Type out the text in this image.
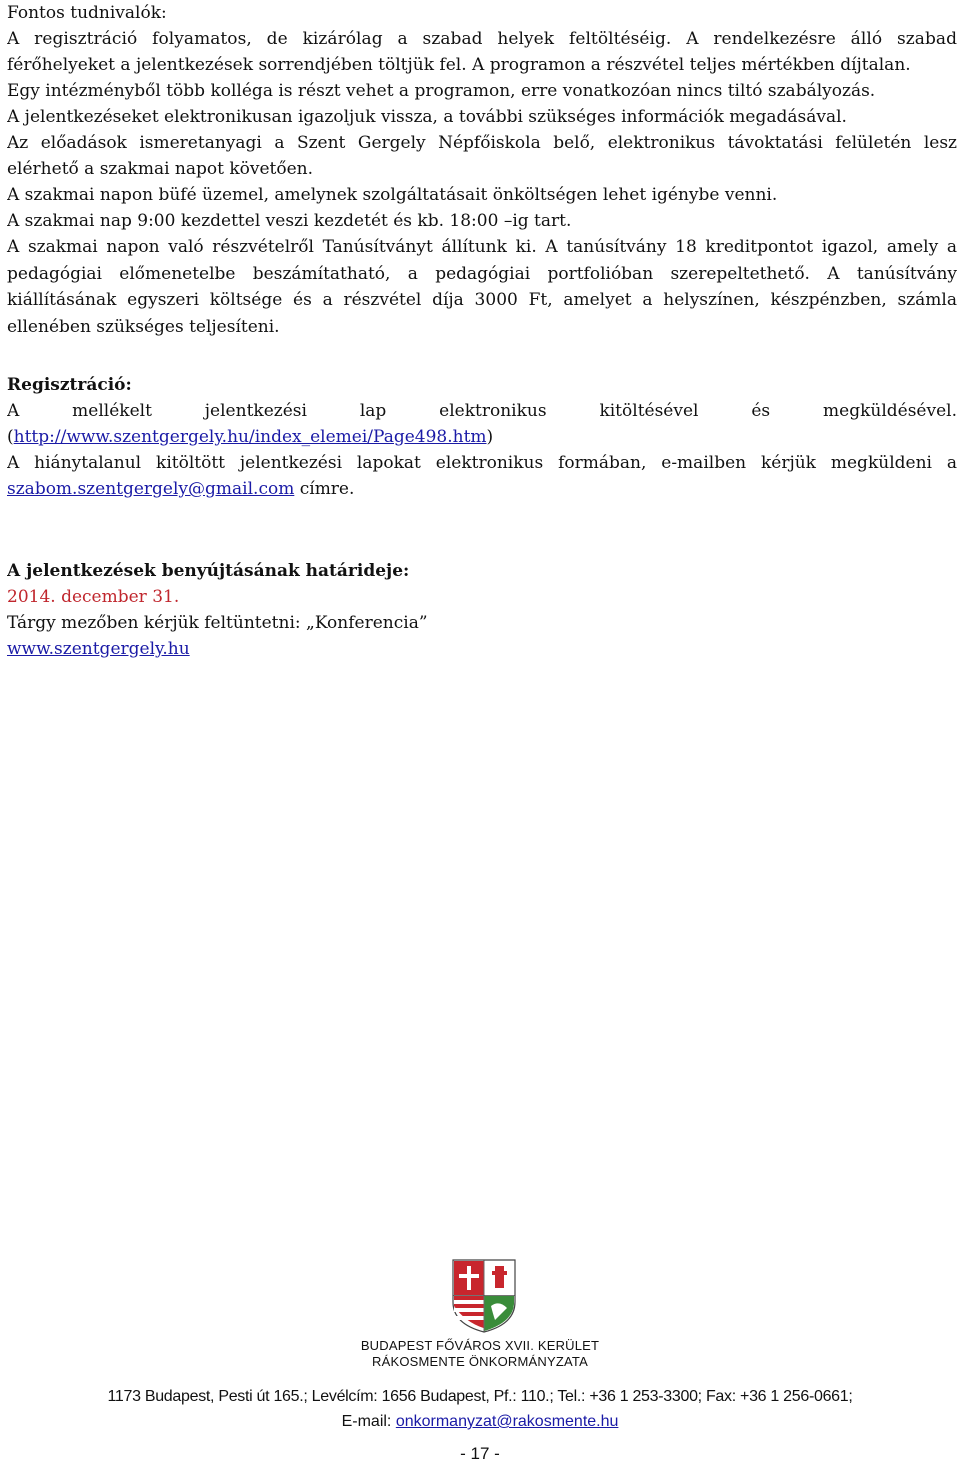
Fontos tudnivalók:

A regisztráció folyamatos, de kizárólag a szabad helyek feltöltéséig. A rendelkezésre álló szabad

férőhelyeket a jelentkezések sorrendjében töltjük fel. A programon a részvétel teljes mértékben díjtalan.

Egy intézményből több kolléga is részt vehet a programon, erre vonatkozóan nincs tiltó szabályozás.

A jelentkezéseket elektronikusan igazoljuk vissza, a további szükséges információk megadásával.

Az előadások ismeretanyagi a Szent Gergely Népfőiskola belő, elektronikus távoktatási felületén lesz

elérhető a szakmai napot követően.

A szakmai napon büfé üzemel, amelynek szolgáltatásait önköltségen lehet igénybe venni.

A szakmai nap 9:00 kezdettel veszi kezdetét és kb. 18:00 –ig tart.

A szakmai napon való részvételről Tanúsítványt állítunk ki. A tanúsítvány 18 kreditpontot igazol, amely a pedagógiai előmenetelbe beszámítatható, a pedagógiai portfolióban szerepeltethető. A tanúsítvány kiállításának egyszeri költsége és a részvétel díja 3000 Ft, amelyet a helyszínen, készpénzben, számla ellenében szükséges teljesíteni.

Regisztráció:

A mellékelt jelentkezési lap elektronikus kitöltésével és megküldésével.

(http://www.szentgergely.hu/index_elemei/Page498.htm)

A hiánytalanul kitöltött jelentkezési lapokat elektronikus formában, e-mailben kérjük megküldeni a

szabom.szentgergely@gmail.com címre.

A jelentkezések benyújtásának határideje:

2014. december 31.

Tárgy mezőben kérjük feltüntetni: „Konferencia”

www.szentgergely.hu

BUDAPEST FŐVÁROS XVII. KERÜLET
RÁKOSMENTE ÖNKORMÁNYZATA
1173 Budapest, Pesti út 165.; Levélcím: 1656 Budapest, Pf.: 110.; Tel.: +36 1 253-3300; Fax: +36 1 256-0661;
E-mail: onkormanyzat@rakosmente.hu
- 17 -
